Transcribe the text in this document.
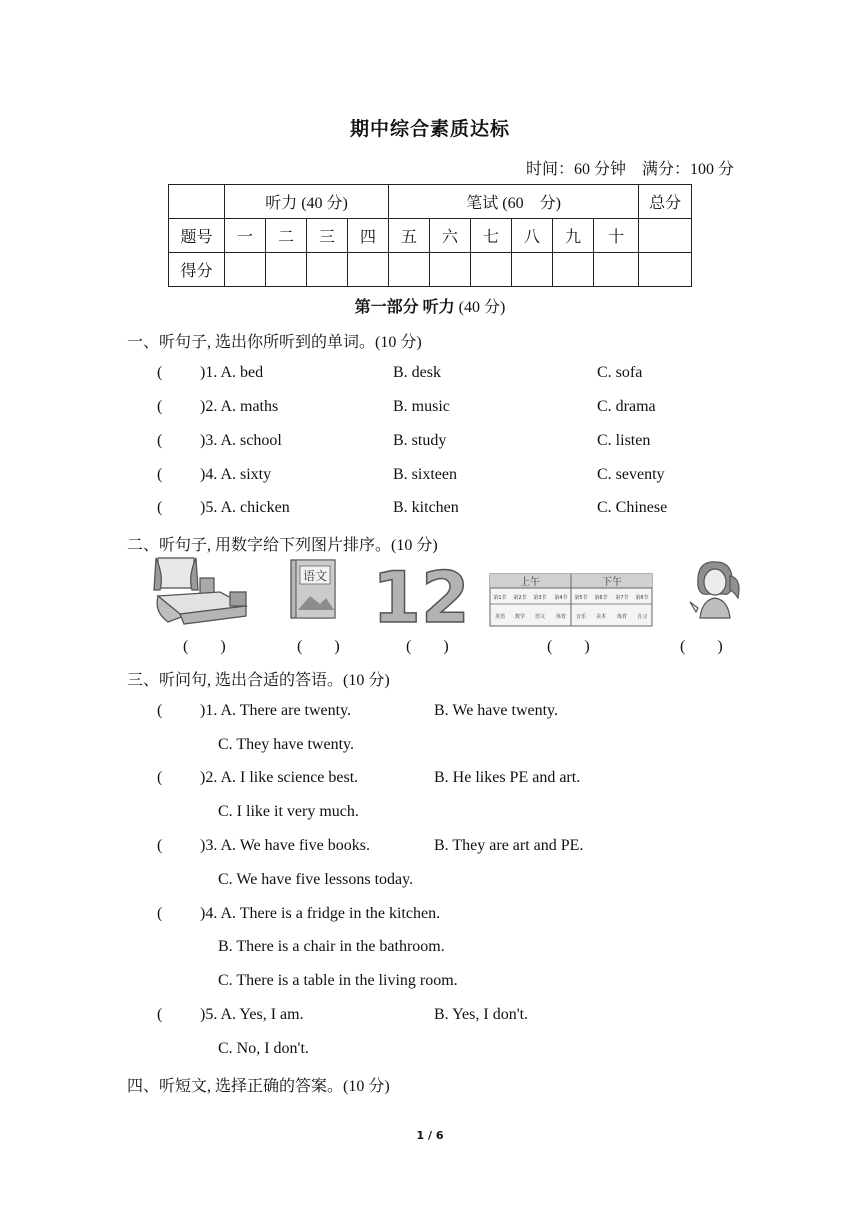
期中综合素质达标
时间：60 分钟　满分：100 分
	听力 (40 分)				笔试 (60　分)						总分
题号	一	二	三	四	五	六	七	八	九	十	
得分											
第一部分 听力 (40 分)
一、听句子, 选出你所听到的单词。(10 分)
( )1. A. bed	B. desk	C. sofa
( )2. A. maths	B. music	C. drama
( )3. A. school	B. study	C. listen
( )4. A. sixty	B. sixteen	C. seventy
( )5. A. chicken	B. kitchen	C. Chinese
二、听句子, 用数字给下列图片排序。(10 分)
语文 12	上午	下午
第1节 第2节 第3节 第4节 第5节 第6节 第7节 第8节
英语 数学 语文 体育 音乐 美术 体育 自习
(　　)	(　　)	(　　)	(　　)	(　　)
三、听问句, 选出合适的答语。(10 分)
( )1. A. There are twenty.	B. We have twenty.
C. They have twenty.
( )2. A. I like science best.	B. He likes PE and art.
C. I like it very much.
( )3. A. We have five books.	B. They are art and PE.
C. We have five lessons today.
( )4. A. There is a fridge in the kitchen.
B. There is a chair in the bathroom.
C. There is a table in the living room.
( )5. A. Yes, I am.	B. Yes, I don't.
C. No, I don't.
四、听短文, 选择正确的答案。(10 分)
1 / 6
